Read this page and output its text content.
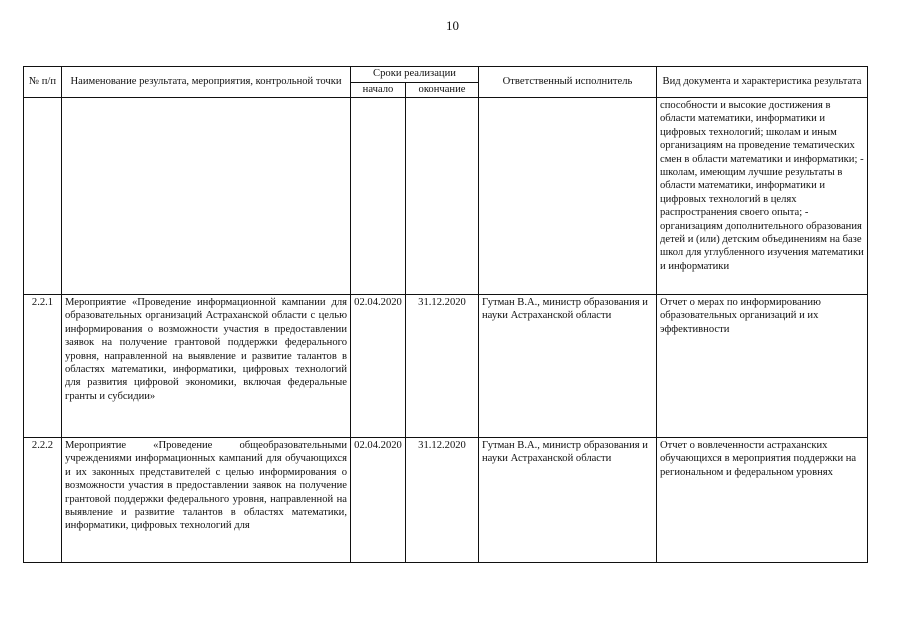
10
№ п/п	Наименование результата, мероприятия, контрольной точки	Сроки реализации		Ответственный исполнитель	Вид документа и характеристика результата
		начало	окончание		
					способности и высокие достижения в области математики, информатики и цифровых технологий; школам и иным организациям на проведение тематических смен в области математики и информатики; - школам, имеющим лучшие результаты в области математики, информатики и цифровых технологий в целях распространения своего опыта; - организациям дополнительного образования детей и (или) детским объединениям на базе школ для углубленного изучения математики и информатики
2.2.1	Мероприятие «Проведение информационной кампании для образовательных организаций Астраханской области с целью информирования о возможности участия в предоставлении заявок на получение грантовой поддержки федерального уровня, направленной на выявление и развитие талантов в областях математики, информатики, цифровых технологий для развития цифровой экономики, включая федеральные гранты и субсидии»	02.04.2020	31.12.2020	Гутман В.А., министр образования и науки Астраханской области	Отчет о мерах по информированию образовательных организаций и их эффективности
2.2.2	Мероприятие «Проведение общеобразовательными учреждениями информационных кампаний для обучающихся и их законных представителей с целью информирования о возможности участия в предоставлении заявок на получение грантовой поддержки федерального уровня, направленной на выявление и развитие талантов в областях математики, информатики, цифровых технологий для	02.04.2020	31.12.2020	Гутман В.А., министр образования и науки Астраханской области	Отчет о вовлеченности астраханских обучающихся в мероприятия поддержки на региональном и федеральном уровнях
